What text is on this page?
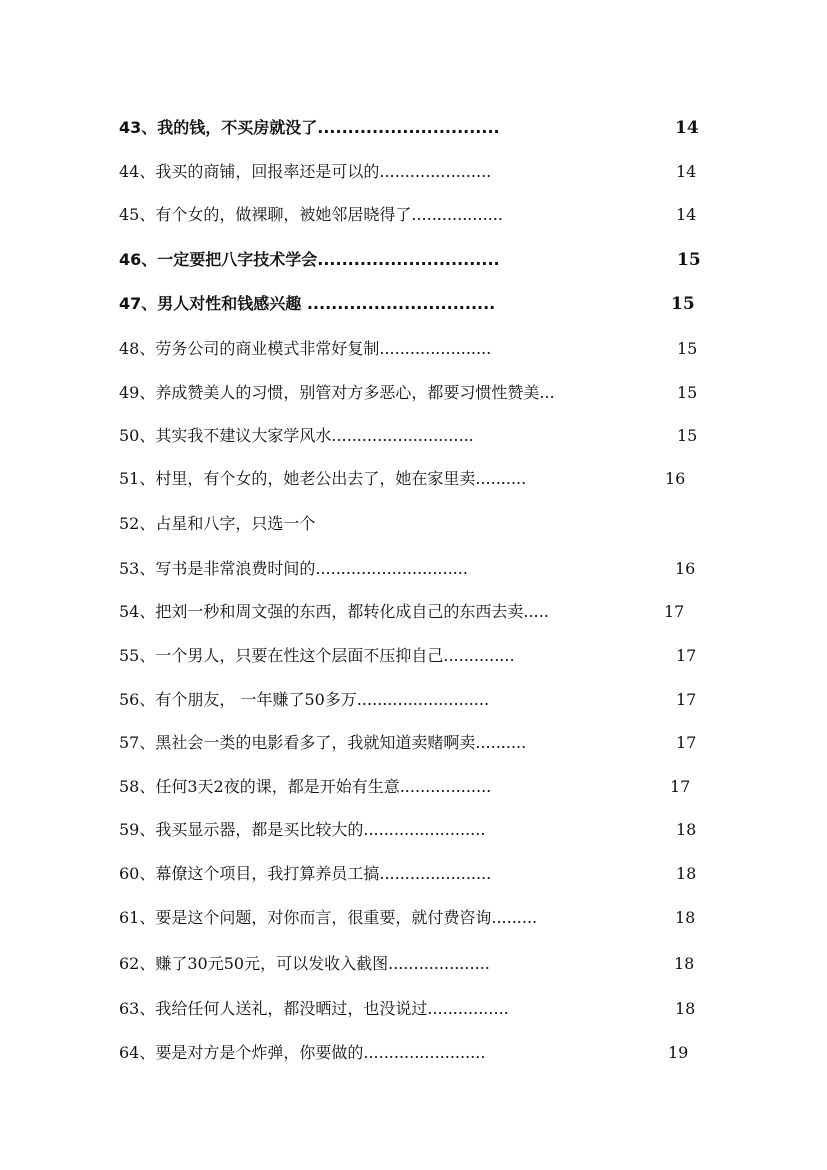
43、我的钱，不买房就没了..............................	14
44、我买的商铺，回报率还是可以的......................	14
45、有个女的，做裸聊，被她邻居晓得了..................	14
46、一定要把八字技术学会..............................	15
47、男人对性和钱感兴趣 ...............................	15
48、劳务公司的商业模式非常好复制......................	15
49、养成赞美人的习惯，别管对方多恶心，都要习惯性赞美...	15
50、其实我不建议大家学风水............................	15
51、村里，有个女的，她老公出去了，她在家里卖..........	16
52、占星和八字，只选一个
53、写书是非常浪费时间的..............................	16
54、把刘一秒和周文强的东西，都转化成自己的东西去卖.....	17
55、一个男人，只要在性这个层面不压抑自己..............	17
56、有个朋友， 一年赚了50多万..........................	17
57、黑社会一类的电影看多了，我就知道卖赌啊卖..........	17
58、任何3天2夜的课，都是开始有生意..................	17
59、我买显示器，都是买比较大的........................	18
60、幕僚这个项目，我打算养员工搞......................	18
61、要是这个问题，对你而言，很重要，就付费咨询.........	18
62、赚了30元50元，可以发收入截图....................	18
63、我给任何人送礼，都没晒过，也没说过................	18
64、要是对方是个炸弹，你要做的........................	19
